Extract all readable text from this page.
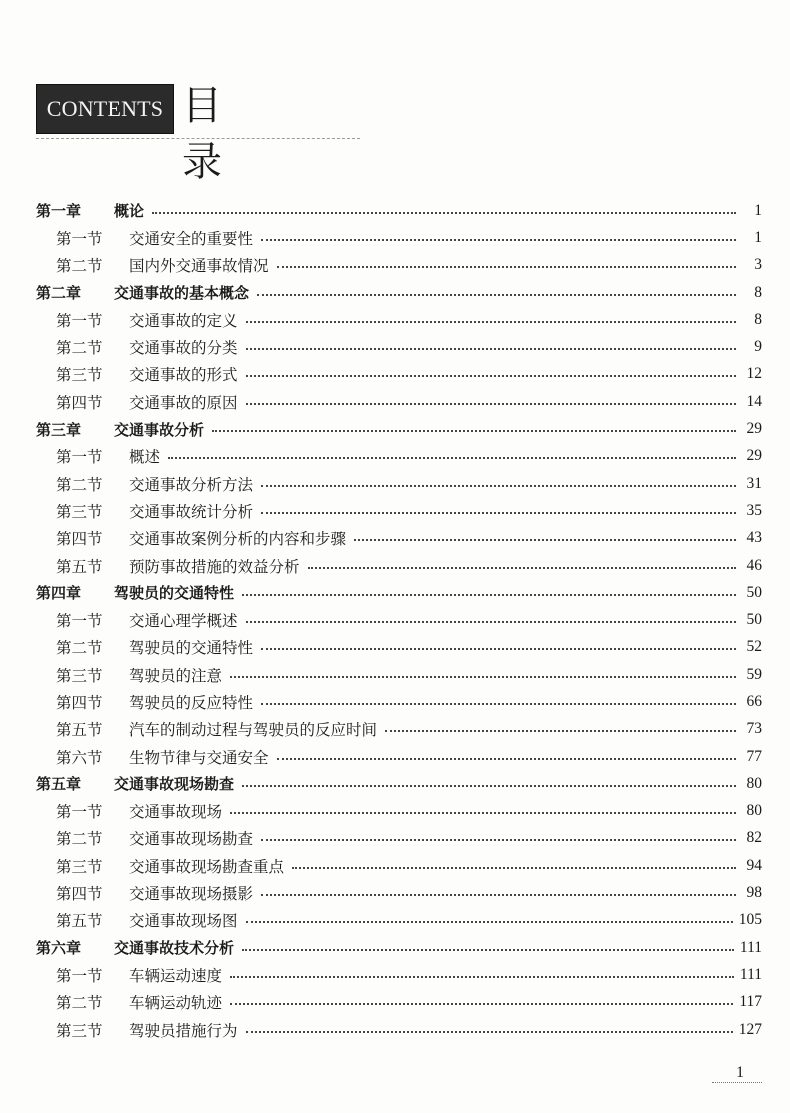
CONTENTS 目录
第一章	概论	1
第一节	交通安全的重要性	1
第二节	国内外交通事故情况	3
第二章	交通事故的基本概念	8
第一节	交通事故的定义	8
第二节	交通事故的分类	9
第三节	交通事故的形式	12
第四节	交通事故的原因	14
第三章	交通事故分析	29
第一节	概述	29
第二节	交通事故分析方法	31
第三节	交通事故统计分析	35
第四节	交通事故案例分析的内容和步骤	43
第五节	预防事故措施的效益分析	46
第四章	驾驶员的交通特性	50
第一节	交通心理学概述	50
第二节	驾驶员的交通特性	52
第三节	驾驶员的注意	59
第四节	驾驶员的反应特性	66
第五节	汽车的制动过程与驾驶员的反应时间	73
第六节	生物节律与交通安全	77
第五章	交通事故现场勘查	80
第一节	交通事故现场	80
第二节	交通事故现场勘查	82
第三节	交通事故现场勘查重点	94
第四节	交通事故现场摄影	98
第五节	交通事故现场图	105
第六章	交通事故技术分析	111
第一节	车辆运动速度	111
第二节	车辆运动轨迹	117
第三节	驾驶员措施行为	127
1
